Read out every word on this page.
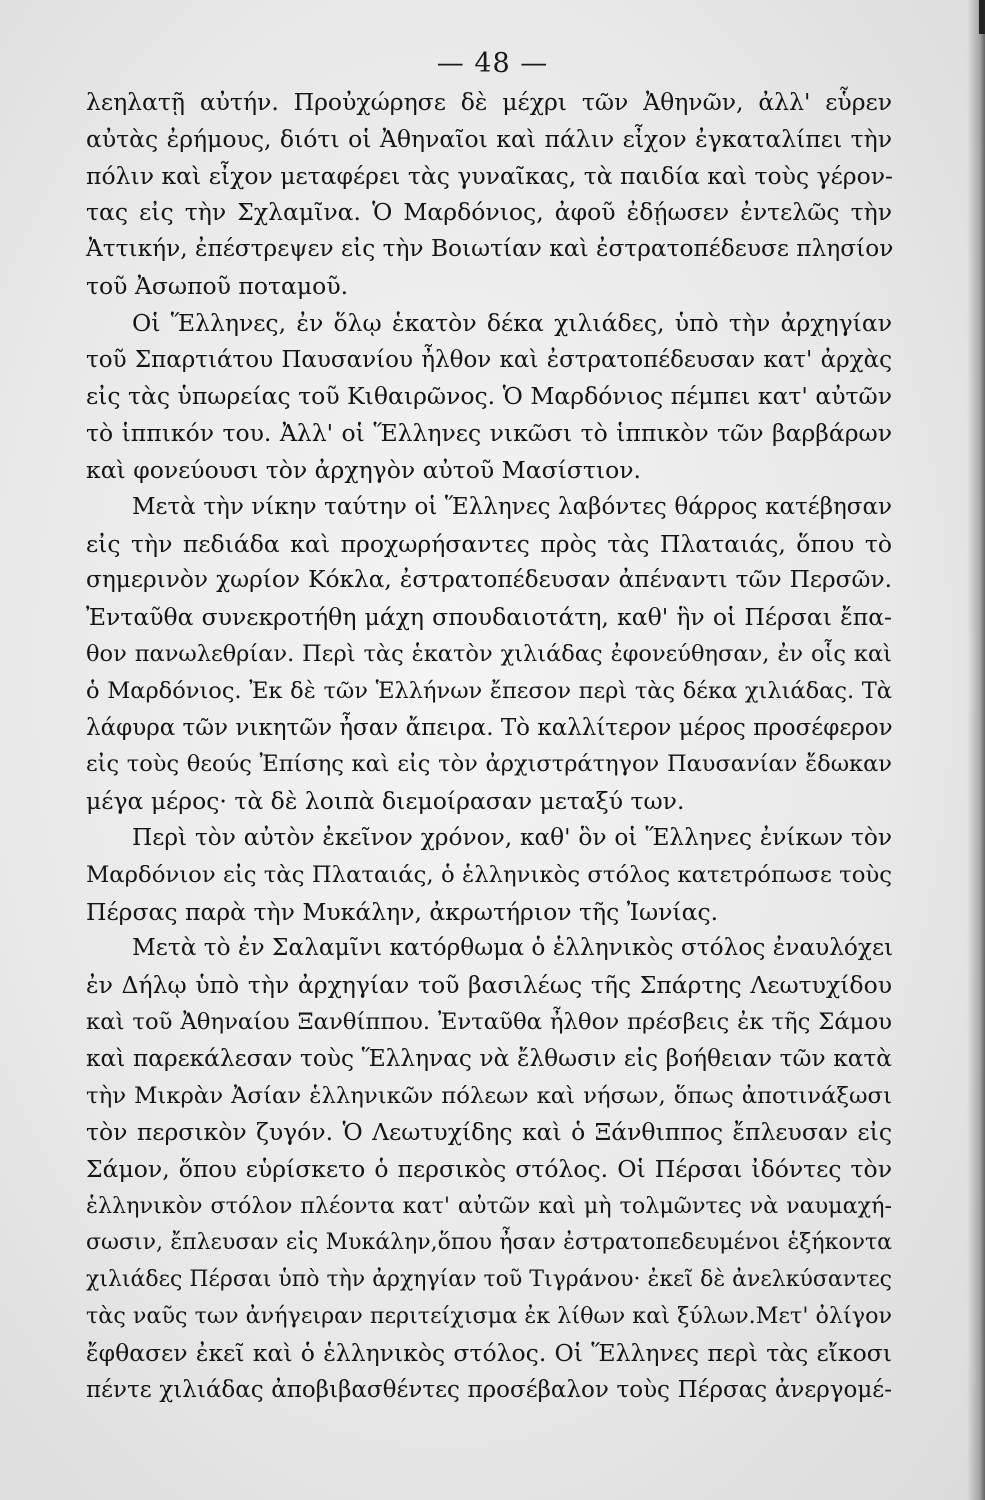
— 48 —
λεηλατῇ αὐτήν. Προὐχώρησε δὲ μέχρι τῶν Ἀθηνῶν, ἀλλ' εὗρεν
αὐτὰς ἐρήμους, διότι οἱ Ἀθηναῖοι καὶ πάλιν εἶχον ἐγκαταλίπει τὴν
πόλιν καὶ εἶχον μεταφέρει τὰς γυναῖκας, τὰ παιδία καὶ τοὺς γέρον-
τας εἰς τὴν Σχλαμῖνα. Ὁ Μαρδόνιος, ἀφοῦ ἐδῄωσεν ἐντελῶς τὴν
Ἀττικήν, ἐπέστρεψεν εἰς τὴν Βοιωτίαν καὶ ἐστρατοπέδευσε πλησίον
τοῦ Ἀσωποῦ ποταμοῦ.
Οἱ Ἕλληνες, ἐν ὅλῳ ἑκατὸν δέκα χιλιάδες, ὑπὸ τὴν ἀρχηγίαν
τοῦ Σπαρτιάτου Παυσανίου ἦλθον καὶ ἐστρατοπέδευσαν κατ' ἀρχὰς
εἰς τὰς ὑπωρείας τοῦ Κιθαιρῶνος. Ὁ Μαρδόνιος πέμπει κατ' αὐτῶν
τὸ ἱππικόν του. Ἀλλ' οἱ Ἕλληνες νικῶσι τὸ ἱππικὸν τῶν βαρβάρων
καὶ φονεύουσι τὸν ἀρχηγὸν αὐτοῦ Μασίστιον.
Μετὰ τὴν νίκην ταύτην οἱ Ἕλληνες λαβόντες θάρρος κατέβησαν
εἰς τὴν πεδιάδα καὶ προχωρήσαντες πρὸς τὰς Πλαταιάς, ὅπου τὸ
σημερινὸν χωρίον Κόκλα, ἐστρατοπέδευσαν ἀπέναντι τῶν Περσῶν.
Ἐνταῦθα συνεκροτήθη μάχη σπουδαιοτάτη, καθ' ἣν οἱ Πέρσαι ἔπα-
θον πανωλεθρίαν. Περὶ τὰς ἑκατὸν χιλιάδας ἐφονεύθησαν, ἐν οἷς καὶ
ὁ Μαρδόνιος. Ἐκ δὲ τῶν Ἑλλήνων ἔπεσον περὶ τὰς δέκα χιλιάδας. Τὰ
λάφυρα τῶν νικητῶν ἦσαν ἄπειρα. Τὸ καλλίτερον μέρος προσέφερον
εἰς τοὺς θεούς Ἐπίσης καὶ εἰς τὸν ἀρχιστράτηγον Παυσανίαν ἔδωκαν
μέγα μέρος· τὰ δὲ λοιπὰ διεμοίρασαν μεταξύ των.
Περὶ τὸν αὐτὸν ἐκεῖνον χρόνον, καθ' ὃν οἱ Ἕλληνες ἐνίκων τὸν
Μαρδόνιον εἰς τὰς Πλαταιάς, ὁ ἑλληνικὸς στόλος κατετρόπωσε τοὺς
Πέρσας παρὰ τὴν Μυκάλην, ἀκρωτήριον τῆς Ἰωνίας.
Μετὰ τὸ ἐν Σαλαμῖνι κατόρθωμα ὁ ἑλληνικὸς στόλος ἐναυλόχει
ἐν Δήλῳ ὑπὸ τὴν ἀρχηγίαν τοῦ βασιλέως τῆς Σπάρτης Λεωτυχίδου
καὶ τοῦ Ἀθηναίου Ξανθίππου. Ἐνταῦθα ἦλθον πρέσβεις ἐκ τῆς Σάμου
καὶ παρεκάλεσαν τοὺς Ἕλληνας νὰ ἔλθωσιν εἰς βοήθειαν τῶν κατὰ
τὴν Μικρὰν Ἀσίαν ἑλληνικῶν πόλεων καὶ νήσων, ὅπως ἀποτινάξωσι
τὸν περσικὸν ζυγόν. Ὁ Λεωτυχίδης καὶ ὁ Ξάνθιππος ἔπλευσαν εἰς
Σάμον, ὅπου εὑρίσκετο ὁ περσικὸς στόλος. Οἱ Πέρσαι ἰδόντες τὸν
ἑλληνικὸν στόλον πλέοντα κατ' αὐτῶν καὶ μὴ τολμῶντες νὰ ναυμαχή-
σωσιν, ἔπλευσαν εἰς Μυκάλην,ὅπου ἦσαν ἐστρατοπεδευμένοι ἑξήκοντα
χιλιάδες Πέρσαι ὑπὸ τὴν ἀρχηγίαν τοῦ Τιγράνου· ἐκεῖ δὲ ἀνελκύσαντες
τὰς ναῦς των ἀνήγειραν περιτείχισμα ἐκ λίθων καὶ ξύλων.Μετ' ὀλίγον
ἔφθασεν ἐκεῖ καὶ ὁ ἑλληνικὸς στόλος. Οἱ Ἕλληνες περὶ τὰς εἴκοσι
πέντε χιλιάδας ἀποβιβασθέντες προσέβαλον τοὺς Πέρσας ἀνεργομέ-
